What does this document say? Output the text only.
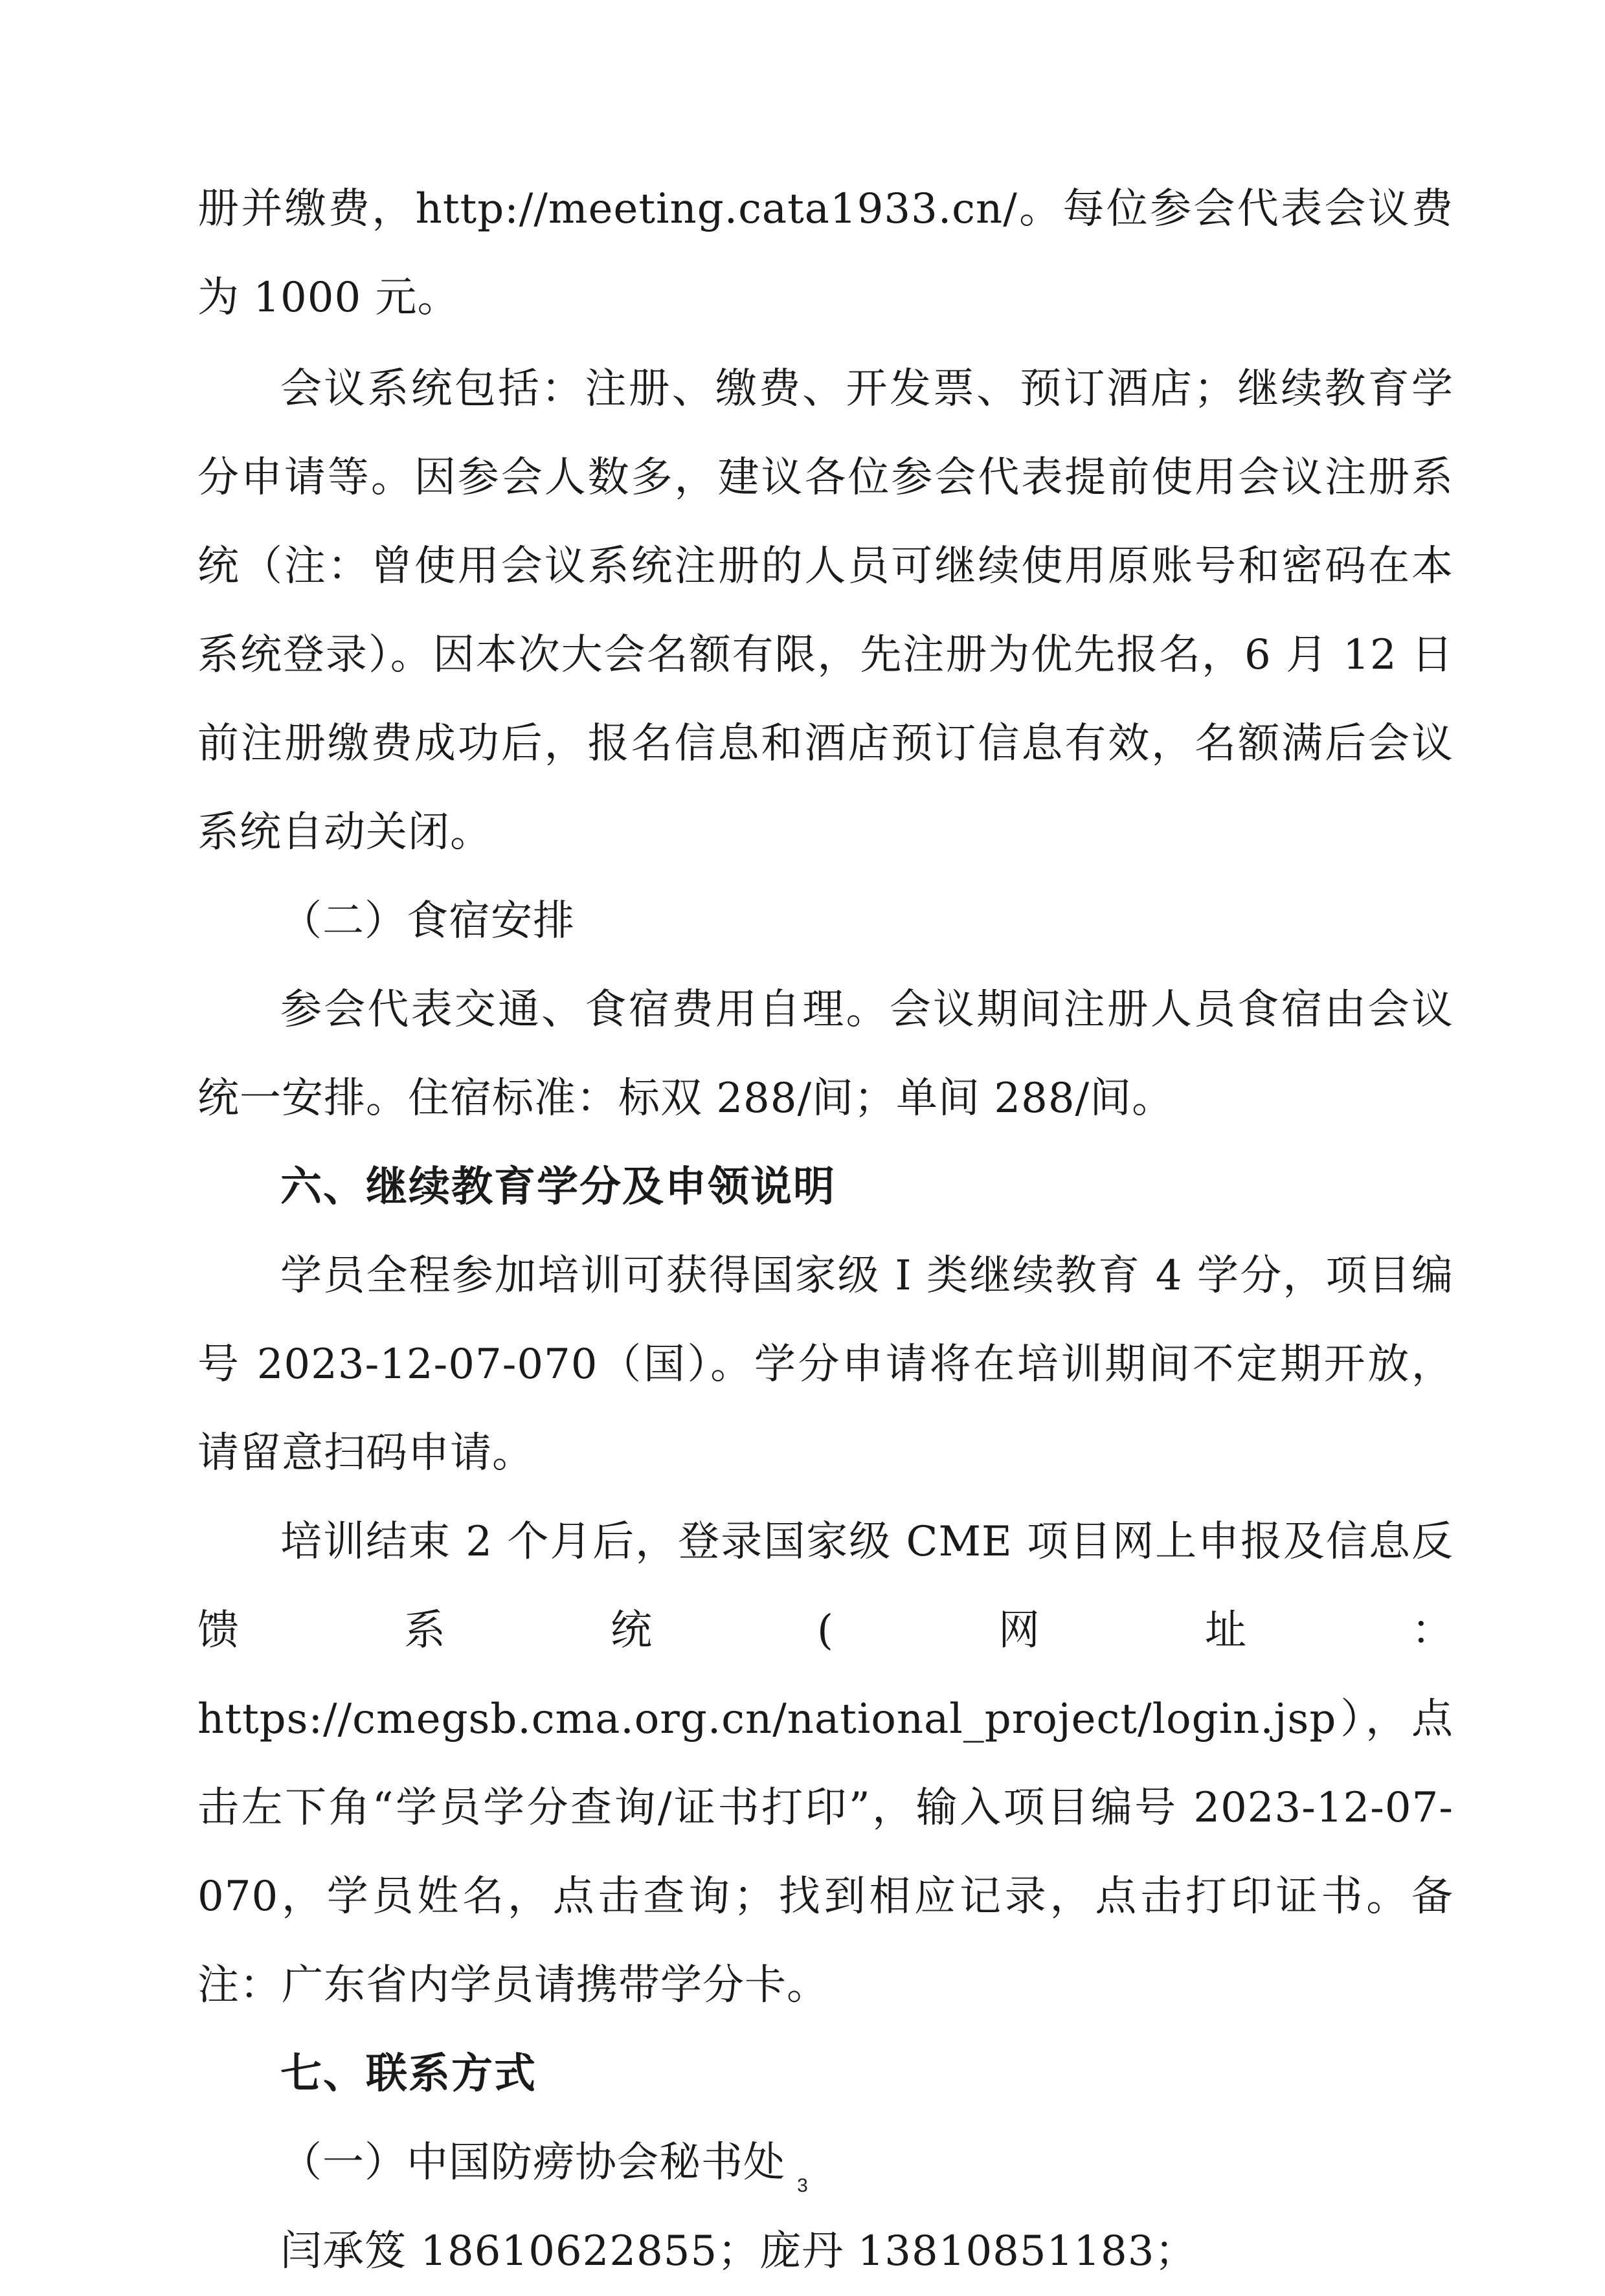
册并缴费，http://meeting.cata1933.cn/。每位参会代表会议费为 1000 元。

会议系统包括：注册、缴费、开发票、预订酒店；继续教育学分申请等。因参会人数多，建议各位参会代表提前使用会议注册系统（注：曾使用会议系统注册的人员可继续使用原账号和密码在本系统登录）。因本次大会名额有限，先注册为优先报名，6 月 12 日前注册缴费成功后，报名信息和酒店预订信息有效，名额满后会议系统自动关闭。

（二）食宿安排

参会代表交通、食宿费用自理。会议期间注册人员食宿由会议统一安排。住宿标准：标双 288/间；单间 288/间。

六、继续教育学分及申领说明

学员全程参加培训可获得国家级 I 类继续教育 4 学分，项目编号 2023-12-07-070（国）。学分申请将在培训期间不定期开放，请留意扫码申请。

培训结束 2 个月后，登录国家级 CME 项目网上申报及信息反馈系统(网址：https://cmegsb.cma.org.cn/national_project/login.jsp），点击左下角“学员学分查询/证书打印”，输入项目编号 2023-12-07-070，学员姓名，点击查询；找到相应记录，点击打印证书。备注：广东省内学员请携带学分卡。

七、联系方式

（一）中国防痨协会秘书处

闫承笈 18610622855；庞丹 13810851183；

3
